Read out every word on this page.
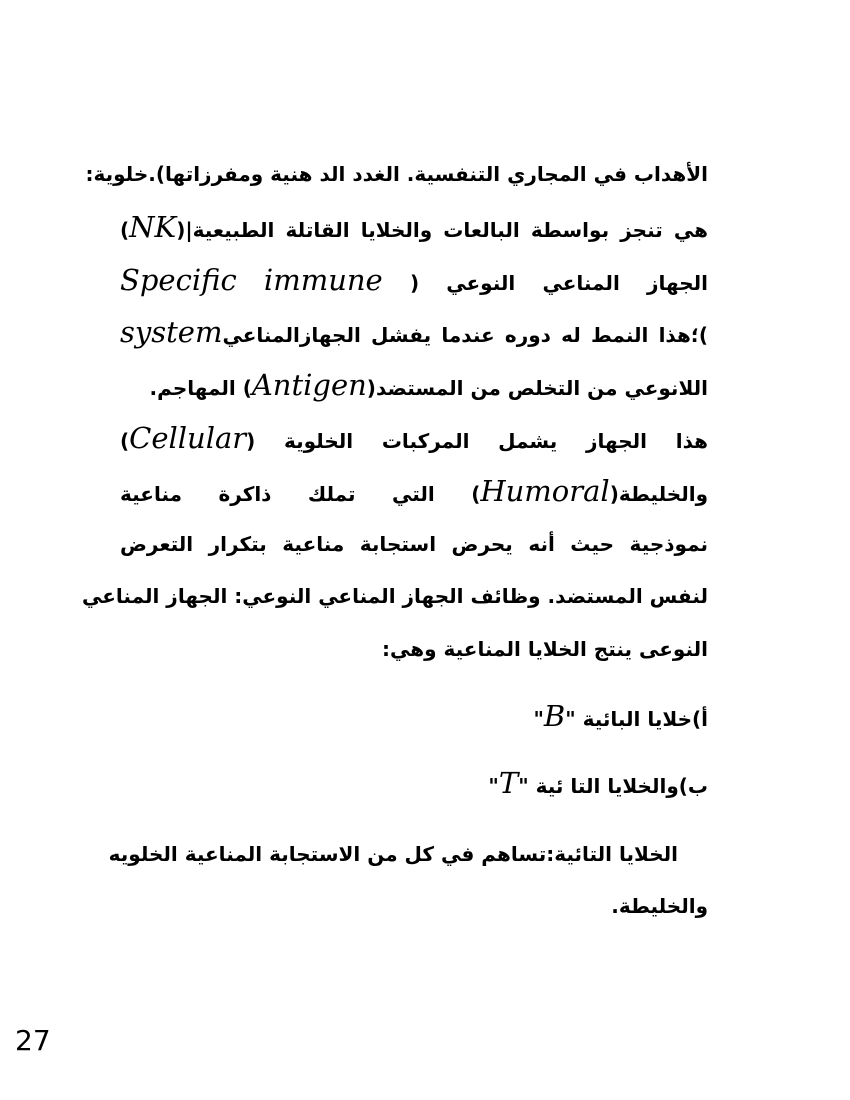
الأهداب في المجاري التنفسية. الغدد الد هنية ومفرزاتها).خلوية:
هي تنجز بواسطة البالعات والخلايا القاتلة الطبيعية|(NK)
الجهاز المناعي النوعي ( immune Specific
)؛هذا النمط له دوره عندما يفشل الجهازالمناعيsystem
اللانوعي من التخلص من المستضد(Antigen) المهاجم.
هذا الجهاز يشمل المركبات الخلوية (Cellular)
والخليطة(Humoral) التي تملك ذاكرة مناعية
نموذجية حيث أنه يحرض استجابة مناعية بتكرار التعرض
لنفس المستضد. وظائف الجهاز المناعي النوعي: الجهاز المناعي
النوعى ينتج الخلايا المناعية وهي:
أ)خلايا البائية "B"
ب)والخلايا التا ئية "T"
الخلايا التائية:تساهم في كل من الاستجابة المناعية الخلويه
والخليطة.
27
